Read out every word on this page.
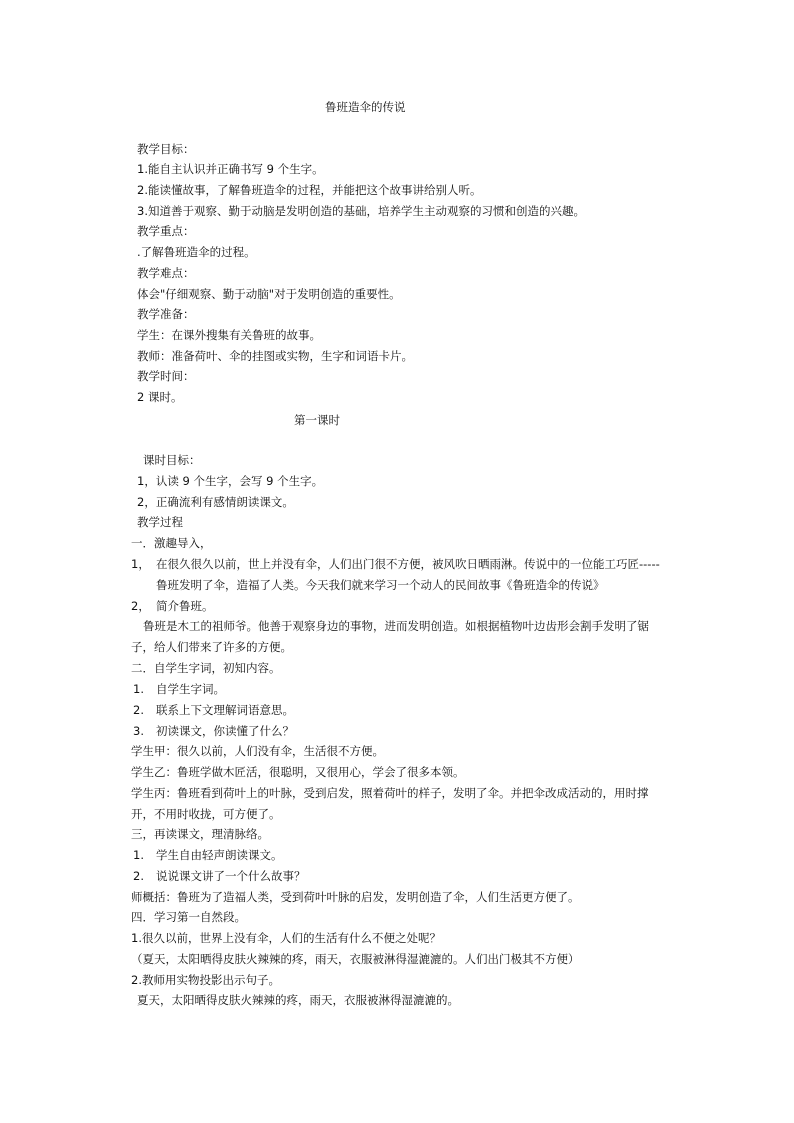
鲁班造伞的传说
教学目标：
1.能自主认识并正确书写 9 个生字。
2.能读懂故事，了解鲁班造伞的过程，并能把这个故事讲给别人听。
3.知道善于观察、勤于动脑是发明创造的基础，培养学生主动观察的习惯和创造的兴趣。
教学重点：
.了解鲁班造伞的过程。
教学难点：
体会"仔细观察、勤于动脑"对于发明创造的重要性。
教学准备：
学生：在课外搜集有关鲁班的故事。
教师：准备荷叶、伞的挂图或实物，生字和词语卡片。
教学时间：
2 课时。
第一课时
课时目标：
1，认读 9 个生字，会写 9 个生字。
2，正确流利有感情朗读课文。
教学过程
一．激趣导入，
1， 在很久很久以前，世上并没有伞，人们出门很不方便，被风吹日晒雨淋。传说中的一位能工巧匠-----
鲁班发明了伞，造福了人类。今天我们就来学习一个动人的民间故事《鲁班造伞的传说》
2， 简介鲁班。
鲁班是木工的祖师爷。他善于观察身边的事物，进而发明创造。如根据植物叶边齿形会割手发明了锯
子，给人们带来了许多的方便。
二．自学生字词，初知内容。
1. 自学生字词。
2. 联系上下文理解词语意思。
3. 初读课文，你读懂了什么？
学生甲：很久以前，人们没有伞，生活很不方便。
学生乙：鲁班学做木匠活，很聪明，又很用心，学会了很多本领。
学生丙：鲁班看到荷叶上的叶脉，受到启发，照着荷叶的样子，发明了伞。并把伞改成活动的，用时撑
开，不用时收拢，可方便了。
三，再读课文，理清脉络。
1. 学生自由轻声朗读课文。
2. 说说课文讲了一个什么故事？
师概括：鲁班为了造福人类，受到荷叶叶脉的启发，发明创造了伞，人们生活更方便了。
四．学习第一自然段。
1.很久以前，世界上没有伞，人们的生活有什么不便之处呢？
（夏天，太阳晒得皮肤火辣辣的疼，雨天，衣服被淋得湿漉漉的。人们出门极其不方便）
2.教师用实物投影出示句子。
夏天，太阳晒得皮肤火辣辣的疼，雨天，衣服被淋得湿漉漉的。
